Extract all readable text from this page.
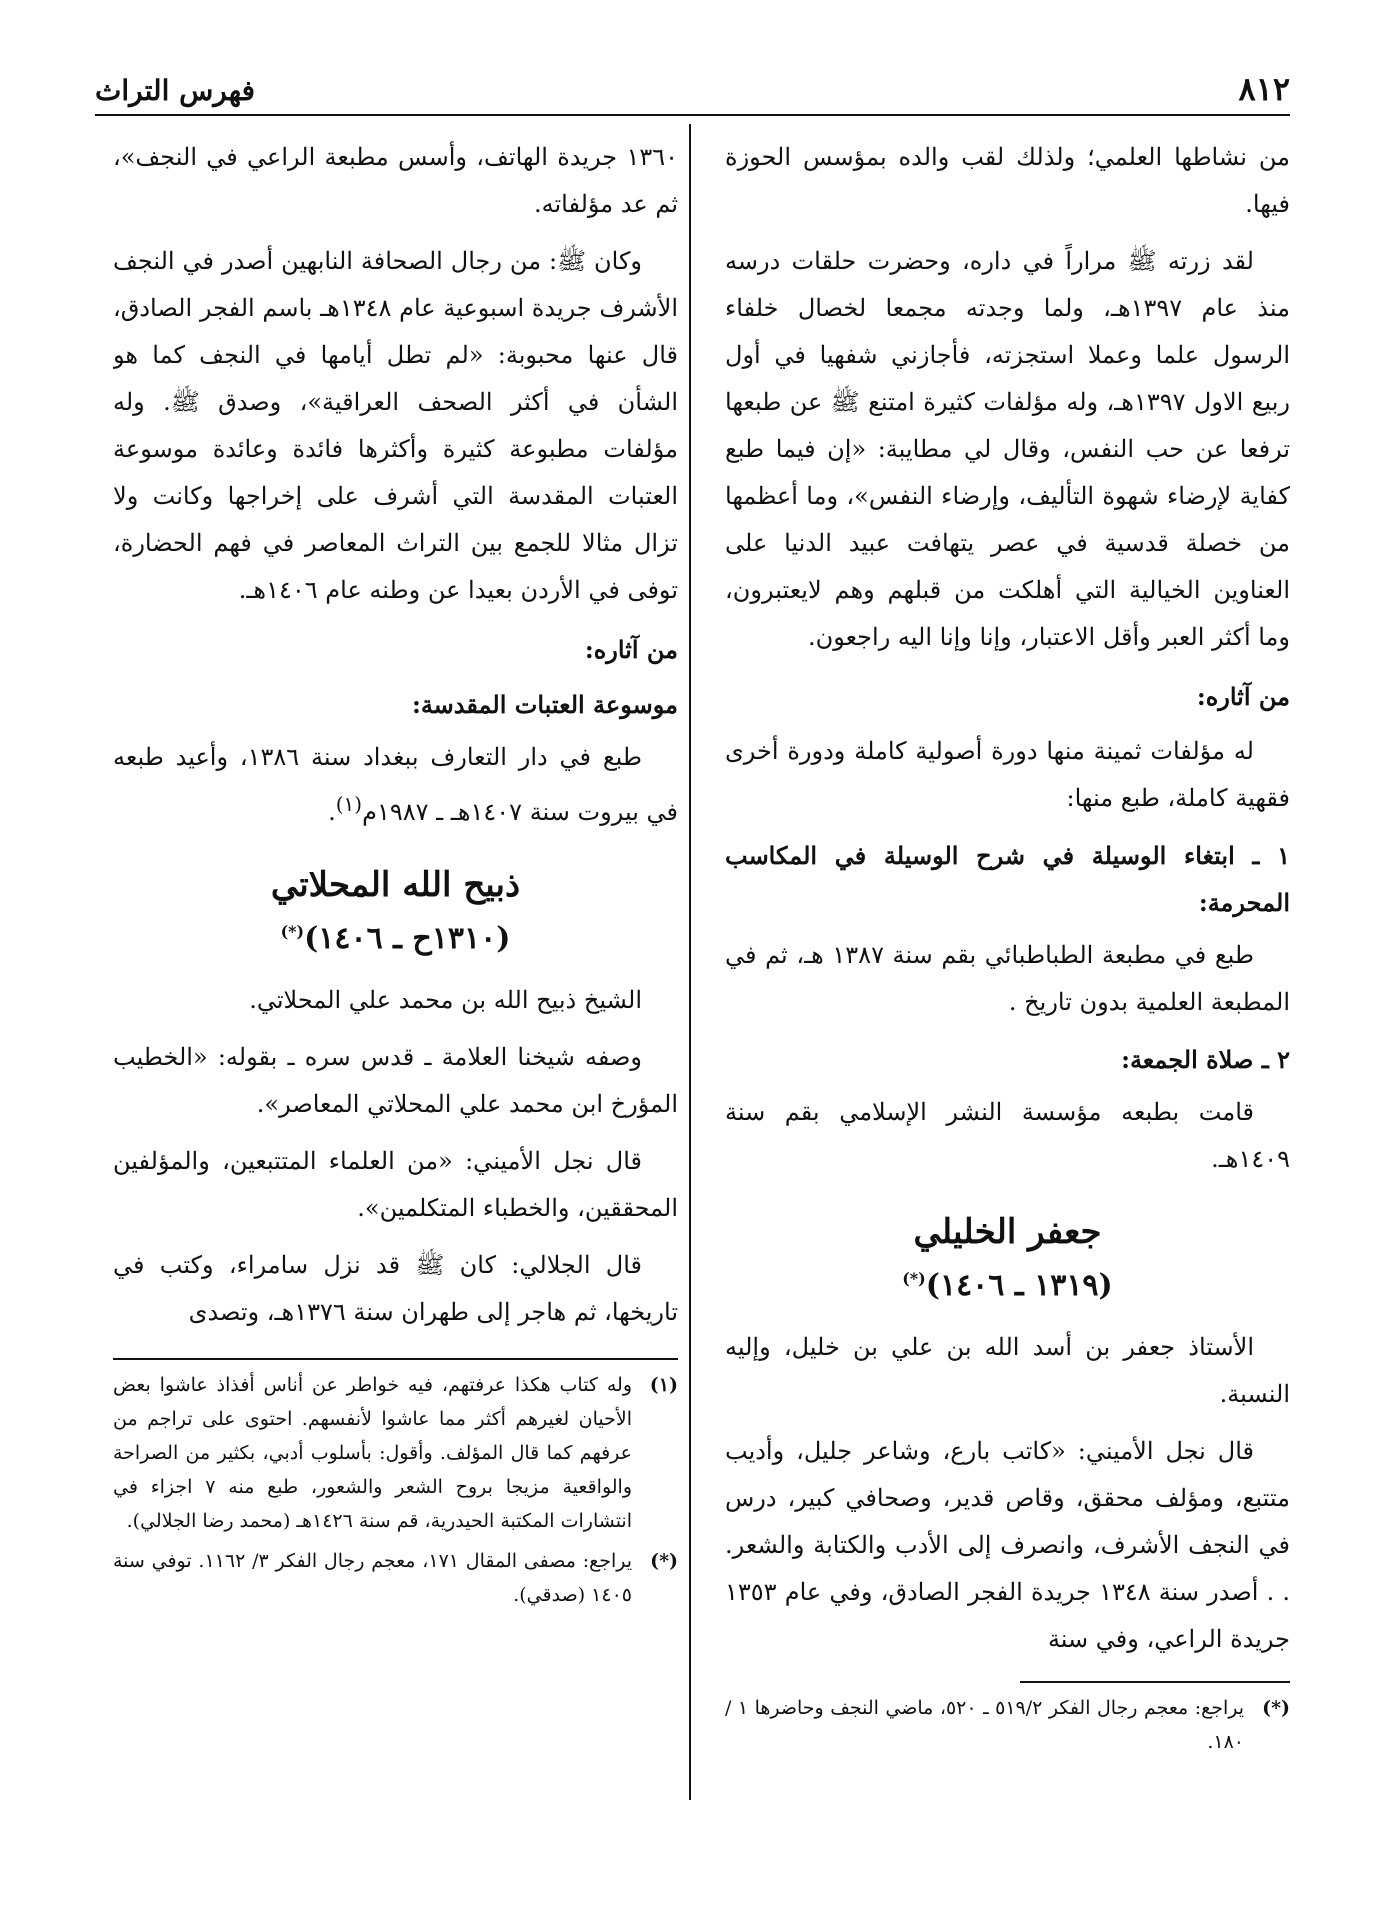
٨١٢
فهرس التراث

من نشاطها العلمي؛ ولذلك لقب والده بمؤسس الحوزة فيها.

لقد زرته ﷺ مراراً في داره، وحضرت حلقات درسه منذ عام ١٣٩٧هـ، ولما وجدته مجمعا لخصال خلفاء الرسول علما وعملا استجزته، فأجازني شفهيا في أول ربيع الاول ١٣٩٧هـ، وله مؤلفات كثيرة امتنع ﷺ عن طبعها ترفعا عن حب النفس، وقال لي مطايبة: «إن فيما طبع كفاية لإرضاء شهوة التأليف، وإرضاء النفس»، وما أعظمها من خصلة قدسية في عصر يتهافت عبيد الدنيا على العناوين الخيالية التي أهلكت من قبلهم وهم لايعتبرون، وما أكثر العبر وأقل الاعتبار، وإنا وإنا اليه راجعون.

من آثاره:

له مؤلفات ثمينة منها دورة أصولية كاملة ودورة أخرى فقهية كاملة، طبع منها:

١ ـ ابتغاء الوسيلة في شرح الوسيلة في المكاسب المحرمة:

طبع في مطبعة الطباطبائي بقم سنة ١٣٨٧ هـ، ثم في المطبعة العلمية بدون تاريخ .

٢ ـ صلاة الجمعة:

قامت بطبعه مؤسسة النشر الإسلامي بقم سنة ١٤٠٩هـ.

جعفر الخليلي
(١٣١٩ ـ ١٤٠٦)(*)

الأستاذ جعفر بن أسد الله بن علي بن خليل، وإليه النسبة.

قال نجل الأميني: «كاتب بارع، وشاعر جليل، وأديب متتبع، ومؤلف محقق، وقاص قدير، وصحافي كبير، درس في النجف الأشرف، وانصرف إلى الأدب والكتابة والشعر. . . أصدر سنة ١٣٤٨ جريدة الفجر الصادق، وفي عام ١٣٥٣ جريدة الراعي، وفي سنة

(*)
يراجع: معجم رجال الفكر ٥١٩/٢ ـ ٥٢٠، ماضي النجف وحاضرها ١ / ١٨٠.

١٣٦٠ جريدة الهاتف، وأسس مطبعة الراعي في النجف»، ثم عد مؤلفاته.

وكان ﷺ: من رجال الصحافة النابهين أصدر في النجف الأشرف جريدة اسبوعية عام ١٣٤٨هـ باسم الفجر الصادق، قال عنها محبوبة: «لم تطل أيامها في النجف كما هو الشأن في أكثر الصحف العراقية»، وصدق ﷺ. وله مؤلفات مطبوعة كثيرة وأكثرها فائدة وعائدة موسوعة العتبات المقدسة التي أشرف على إخراجها وكانت ولا تزال مثالا للجمع بين التراث المعاصر في فهم الحضارة، توفى في الأردن بعيدا عن وطنه عام ١٤٠٦هـ.

من آثاره:
موسوعة العتبات المقدسة:

طبع في دار التعارف ببغداد سنة ١٣٨٦، وأعيد طبعه في بيروت سنة ١٤٠٧هـ ـ ١٩٨٧م$^{(١)}$.

ذبيح الله المحلاتي
(١٣١٠ح ـ ١٤٠٦)(*)

الشيخ ذبيح الله بن محمد علي المحلاتي.

وصفه شيخنا العلامة ـ قدس سره ـ بقوله: «الخطيب المؤرخ ابن محمد علي المحلاتي المعاصر».

قال نجل الأميني: «من العلماء المتتبعين، والمؤلفين المحققين، والخطباء المتكلمين».

قال الجلالي: كان ﷺ قد نزل سامراء، وكتب في تاريخها، ثم هاجر إلى طهران سنة ١٣٧٦هـ، وتصدى

(١)
وله كتاب هكذا عرفتهم، فيه خواطر عن أناس أفذاذ عاشوا بعض الأحيان لغيرهم أكثر مما عاشوا لأنفسهم. احتوى على تراجم من عرفهم كما قال المؤلف. وأقول: بأسلوب أدبي، بكثير من الصراحة والواقعية مزيجا بروح الشعر والشعور، طبع منه ٧ اجزاء في انتشارات المكتبة الحيدرية، قم سنة ١٤٢٦هـ (محمد رضا الجلالي).
(*)
يراجع: مصفى المقال ١٧١، معجم رجال الفكر ٣/ ١١٦٢. توفي سنة ١٤٠٥ (صدقي).
